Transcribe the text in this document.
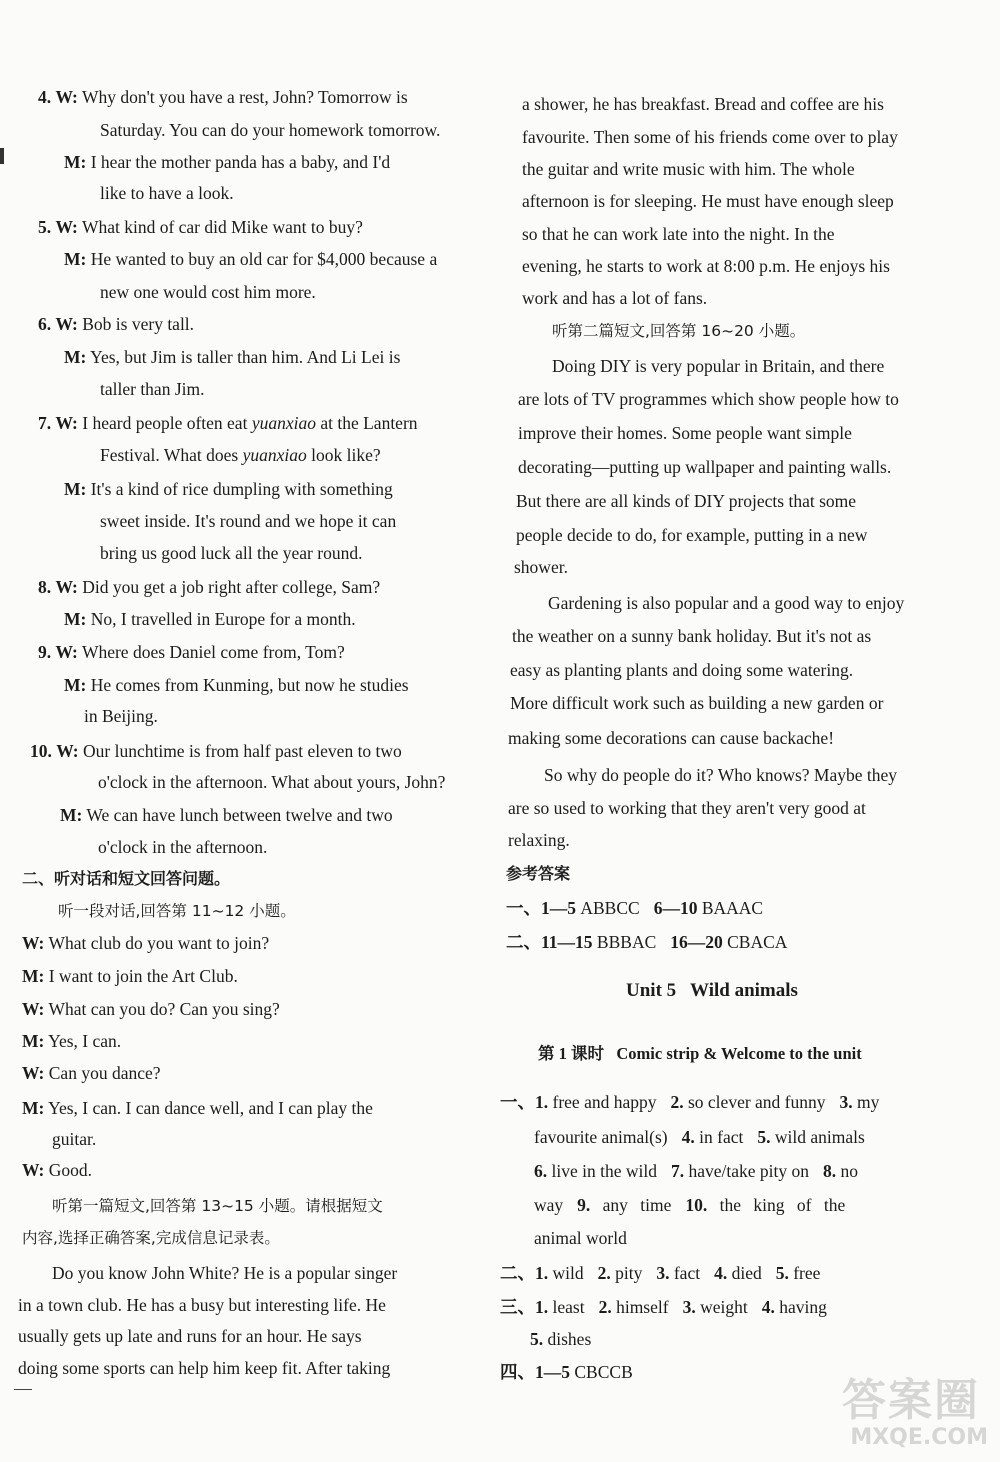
4. W: Why don't you have a rest, John? Tomorrow is
Saturday. You can do your homework tomorrow.
M: I hear the mother panda has a baby, and I'd
like to have a look.
5. W: What kind of car did Mike want to buy?
M: He wanted to buy an old car for $4,000 because a
new one would cost him more.
6. W: Bob is very tall.
M: Yes, but Jim is taller than him. And Li Lei is
taller than Jim.
7. W: I heard people often eat yuanxiao at the Lantern
Festival. What does yuanxiao look like?
M: It's a kind of rice dumpling with something
sweet inside. It's round and we hope it can
bring us good luck all the year round.
8. W: Did you get a job right after college, Sam?
M: No, I travelled in Europe for a month.
9. W: Where does Daniel come from, Tom?
M: He comes from Kunming, but now he studies
in Beijing.
10. W: Our lunchtime is from half past eleven to two
o'clock in the afternoon. What about yours, John?
M: We can have lunch between twelve and two
o'clock in the afternoon.
二、听对话和短文回答问题。
听一段对话,回答第 11~12 小题。
W: What club do you want to join?
M: I want to join the Art Club.
W: What can you do? Can you sing?
M: Yes, I can.
W: Can you dance?
M: Yes, I can. I can dance well, and I can play the
guitar.
W: Good.
听第一篇短文,回答第 13~15 小题。请根据短文
内容,选择正确答案,完成信息记录表。
Do you know John White? He is a popular singer
in a town club. He has a busy but interesting life. He
usually gets up late and runs for an hour. He says
doing some sports can help him keep fit. After taking
a shower, he has breakfast. Bread and coffee are his
favourite. Then some of his friends come over to play
the guitar and write music with him. The whole
afternoon is for sleeping. He must have enough sleep
so that he can work late into the night. In the
evening, he starts to work at 8:00 p.m. He enjoys his
work and has a lot of fans.
听第二篇短文,回答第 16~20 小题。
Doing DIY is very popular in Britain, and there
are lots of TV programmes which show people how to
improve their homes. Some people want simple
decorating—putting up wallpaper and painting walls.
But there are all kinds of DIY projects that some
people decide to do, for example, putting in a new
shower.
Gardening is also popular and a good way to enjoy
the weather on a sunny bank holiday. But it's not as
easy as planting plants and doing some watering.
More difficult work such as building a new garden or
making some decorations can cause backache!
So why do people do it? Who knows? Maybe they
are so used to working that they aren't very good at
relaxing.
参考答案
一、1—5 ABBCC 6—10 BAAAC
二、11—15 BBBAC 16—20 CBACA
Unit 5   Wild animals
第 1 课时   Comic strip & Welcome to the unit
一、1. free and happy 2. so clever and funny 3. my
favourite animal(s) 4. in fact 5. wild animals
6. live in the wild 7. have/take pity on 8. no
way 9. any time 10. the king of the
animal world
二、1. wild 2. pity 3. fact 4. died 5. free
三、1. least 2. himself 3. weight 4. having
5. dishes
四、1—5 CBCCB
答案圈
MXQE.COM
